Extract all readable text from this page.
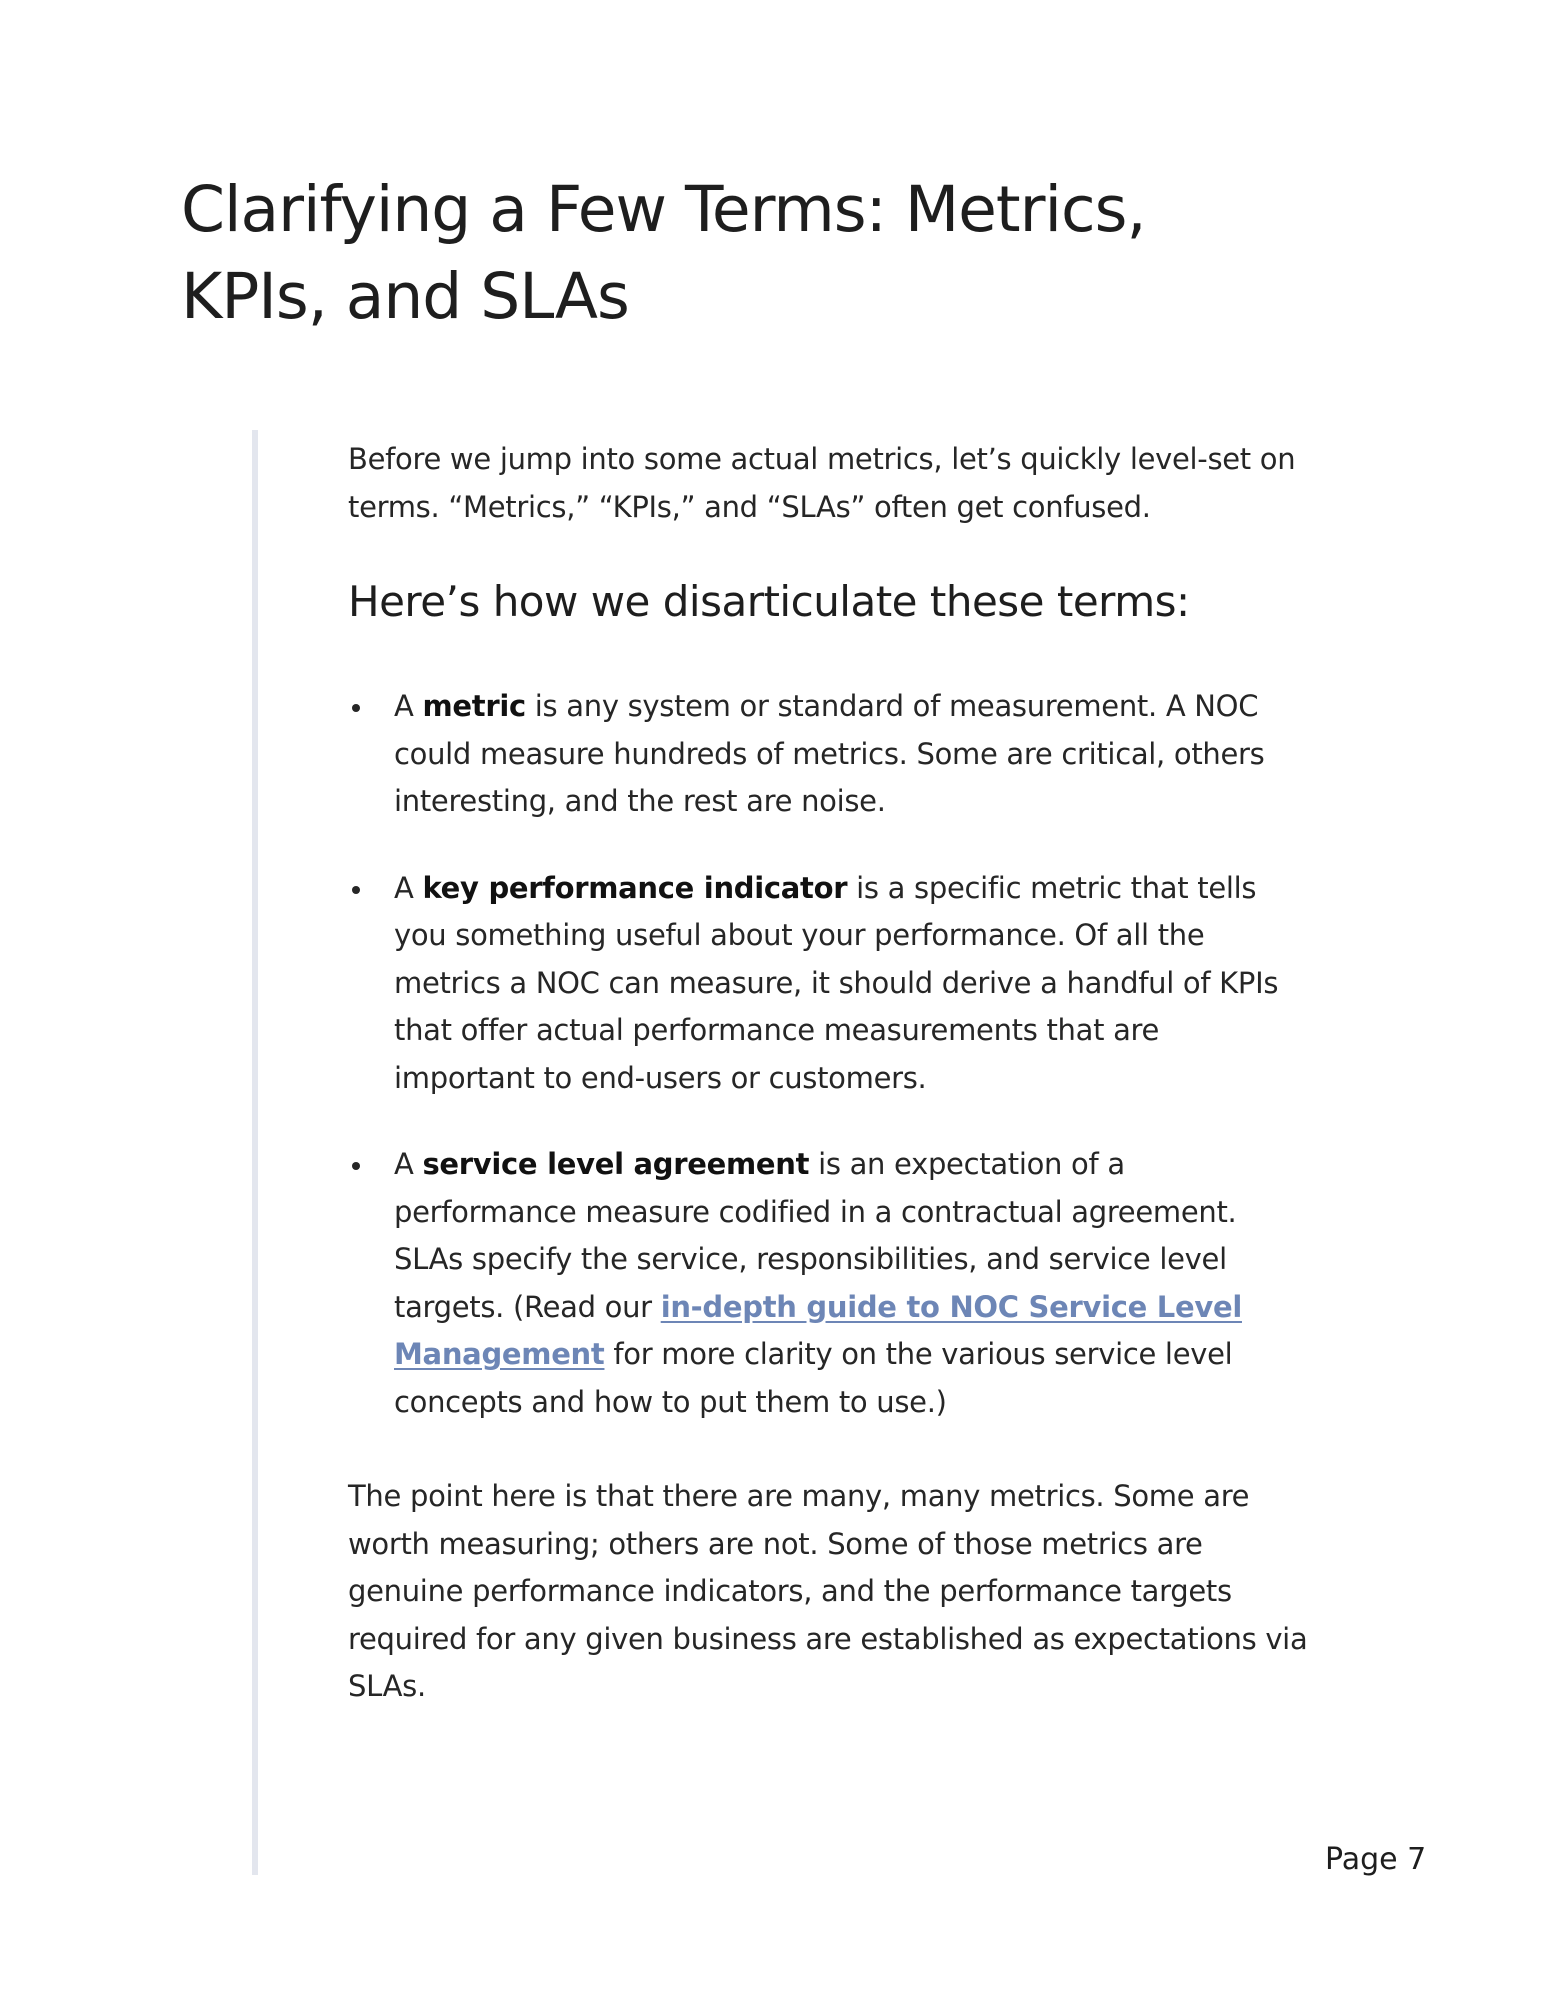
Clarifying a Few Terms: Metrics, KPIs, and SLAs

Before we jump into some actual metrics, let’s quickly level-set on terms. “Metrics,” “KPIs,” and “SLAs” often get confused.

Here’s how we disarticulate these terms:
A metric is any system or standard of measurement. A NOC could measure hundreds of metrics. Some are critical, others interesting, and the rest are noise.
A key performance indicator is a specific metric that tells you something useful about your performance. Of all the metrics a NOC can measure, it should derive a handful of KPIs that offer actual performance measurements that are important to end-users or customers.
A service level agreement is an expectation of a performance measure codified in a contractual agreement. SLAs specify the service, responsibilities, and service level targets. (Read our in-depth guide to NOC Service Level Management for more clarity on the various service level concepts and how to put them to use.)

The point here is that there are many, many metrics. Some are worth measuring; others are not. Some of those metrics are genuine performance indicators, and the performance targets required for any given business are established as expectations via SLAs.

Page 7
